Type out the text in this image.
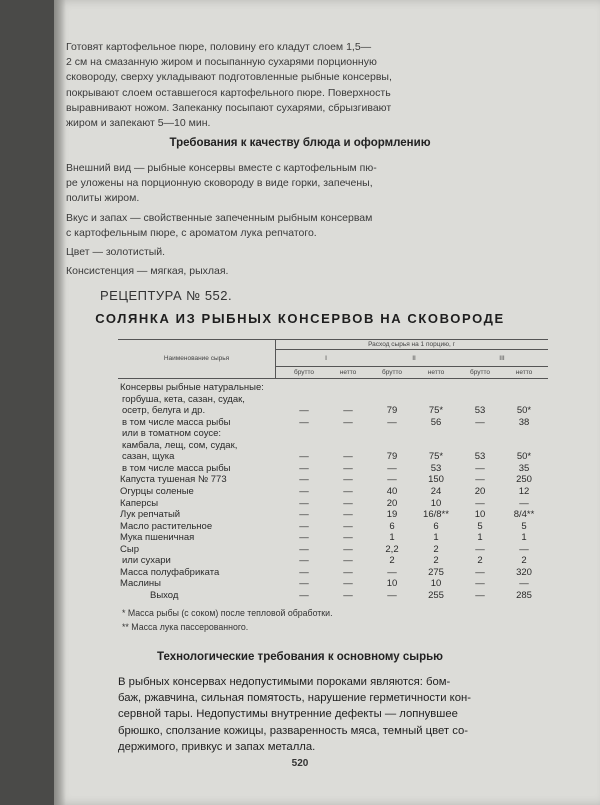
Готовят картофельное пюре, половину его кладут слоем 1,5—
2 см на смазанную жиром и посыпанную сухарями порционную
сковороду, сверху укладывают подготовленные рыбные консервы,
покрывают слоем оставшегося картофельного пюре. Поверхность
выравнивают ножом. Запеканку посыпают сухарями, сбрызгивают
жиром и запекают 5—10 мин.
Требования к качеству блюда и оформлению
Внешний вид — рыбные консервы вместе с картофельным пю-
ре уложены на порционную сковороду в виде горки, запечены,
политы жиром.
Вкус и запах — свойственные запеченным рыбным консервам
с картофельным пюре, с ароматом лука репчатого.
Цвет — золотистый.
Консистенция — мягкая, рыхлая.
РЕЦЕПТУРА № 552.
СОЛЯНКА ИЗ РЫБНЫХ КОНСЕРВОВ НА СКОВОРОДЕ
Наименование сырья
Расход сырья на 1 порцию, г
I	II	III
брутто	нетто	брутто	нетто	брутто	нетто
Консервы рыбные натуральные:
горбуша, кета, сазан, судак,
осетр, белуга и др.	—	—	79	75*	53	50*
в том числе масса рыбы	—	—	—	56	—	38
или в томатном соусе:
камбала, лещ, сом, судак,
сазан, щука	—	—	79	75*	53	50*
в том числе масса рыбы	—	—	—	53	—	35
Капуста тушеная № 773	—	—	—	150	—	250
Огурцы соленые	—	—	40	24	20	12
Каперсы	—	—	20	10	—	—
Лук репчатый	—	—	19	16/8**	10	8/4**
Масло растительное	—	—	6	6	5	5
Мука пшеничная	—	—	1	1	1	1
Сыр	—	—	2,2	2	—	—
или сухари	—	—	2	2	2	2
Масса полуфабриката	—	—	—	275	—	320
Маслины	—	—	10	10	—	—
Выход	—	—	—	255	—	285
* Масса рыбы (с соком) после тепловой обработки.
** Масса лука пассерованного.
Технологические требования к основному сырью
В рыбных консервах недопустимыми пороками являются: бом-
баж, ржавчина, сильная помятость, нарушение герметичности кон-
сервной тары. Недопустимы внутренние дефекты — лопнувшее
брюшко, сползание кожицы, разваренность мяса, темный цвет со-
держимого, привкус и запах металла.
520
